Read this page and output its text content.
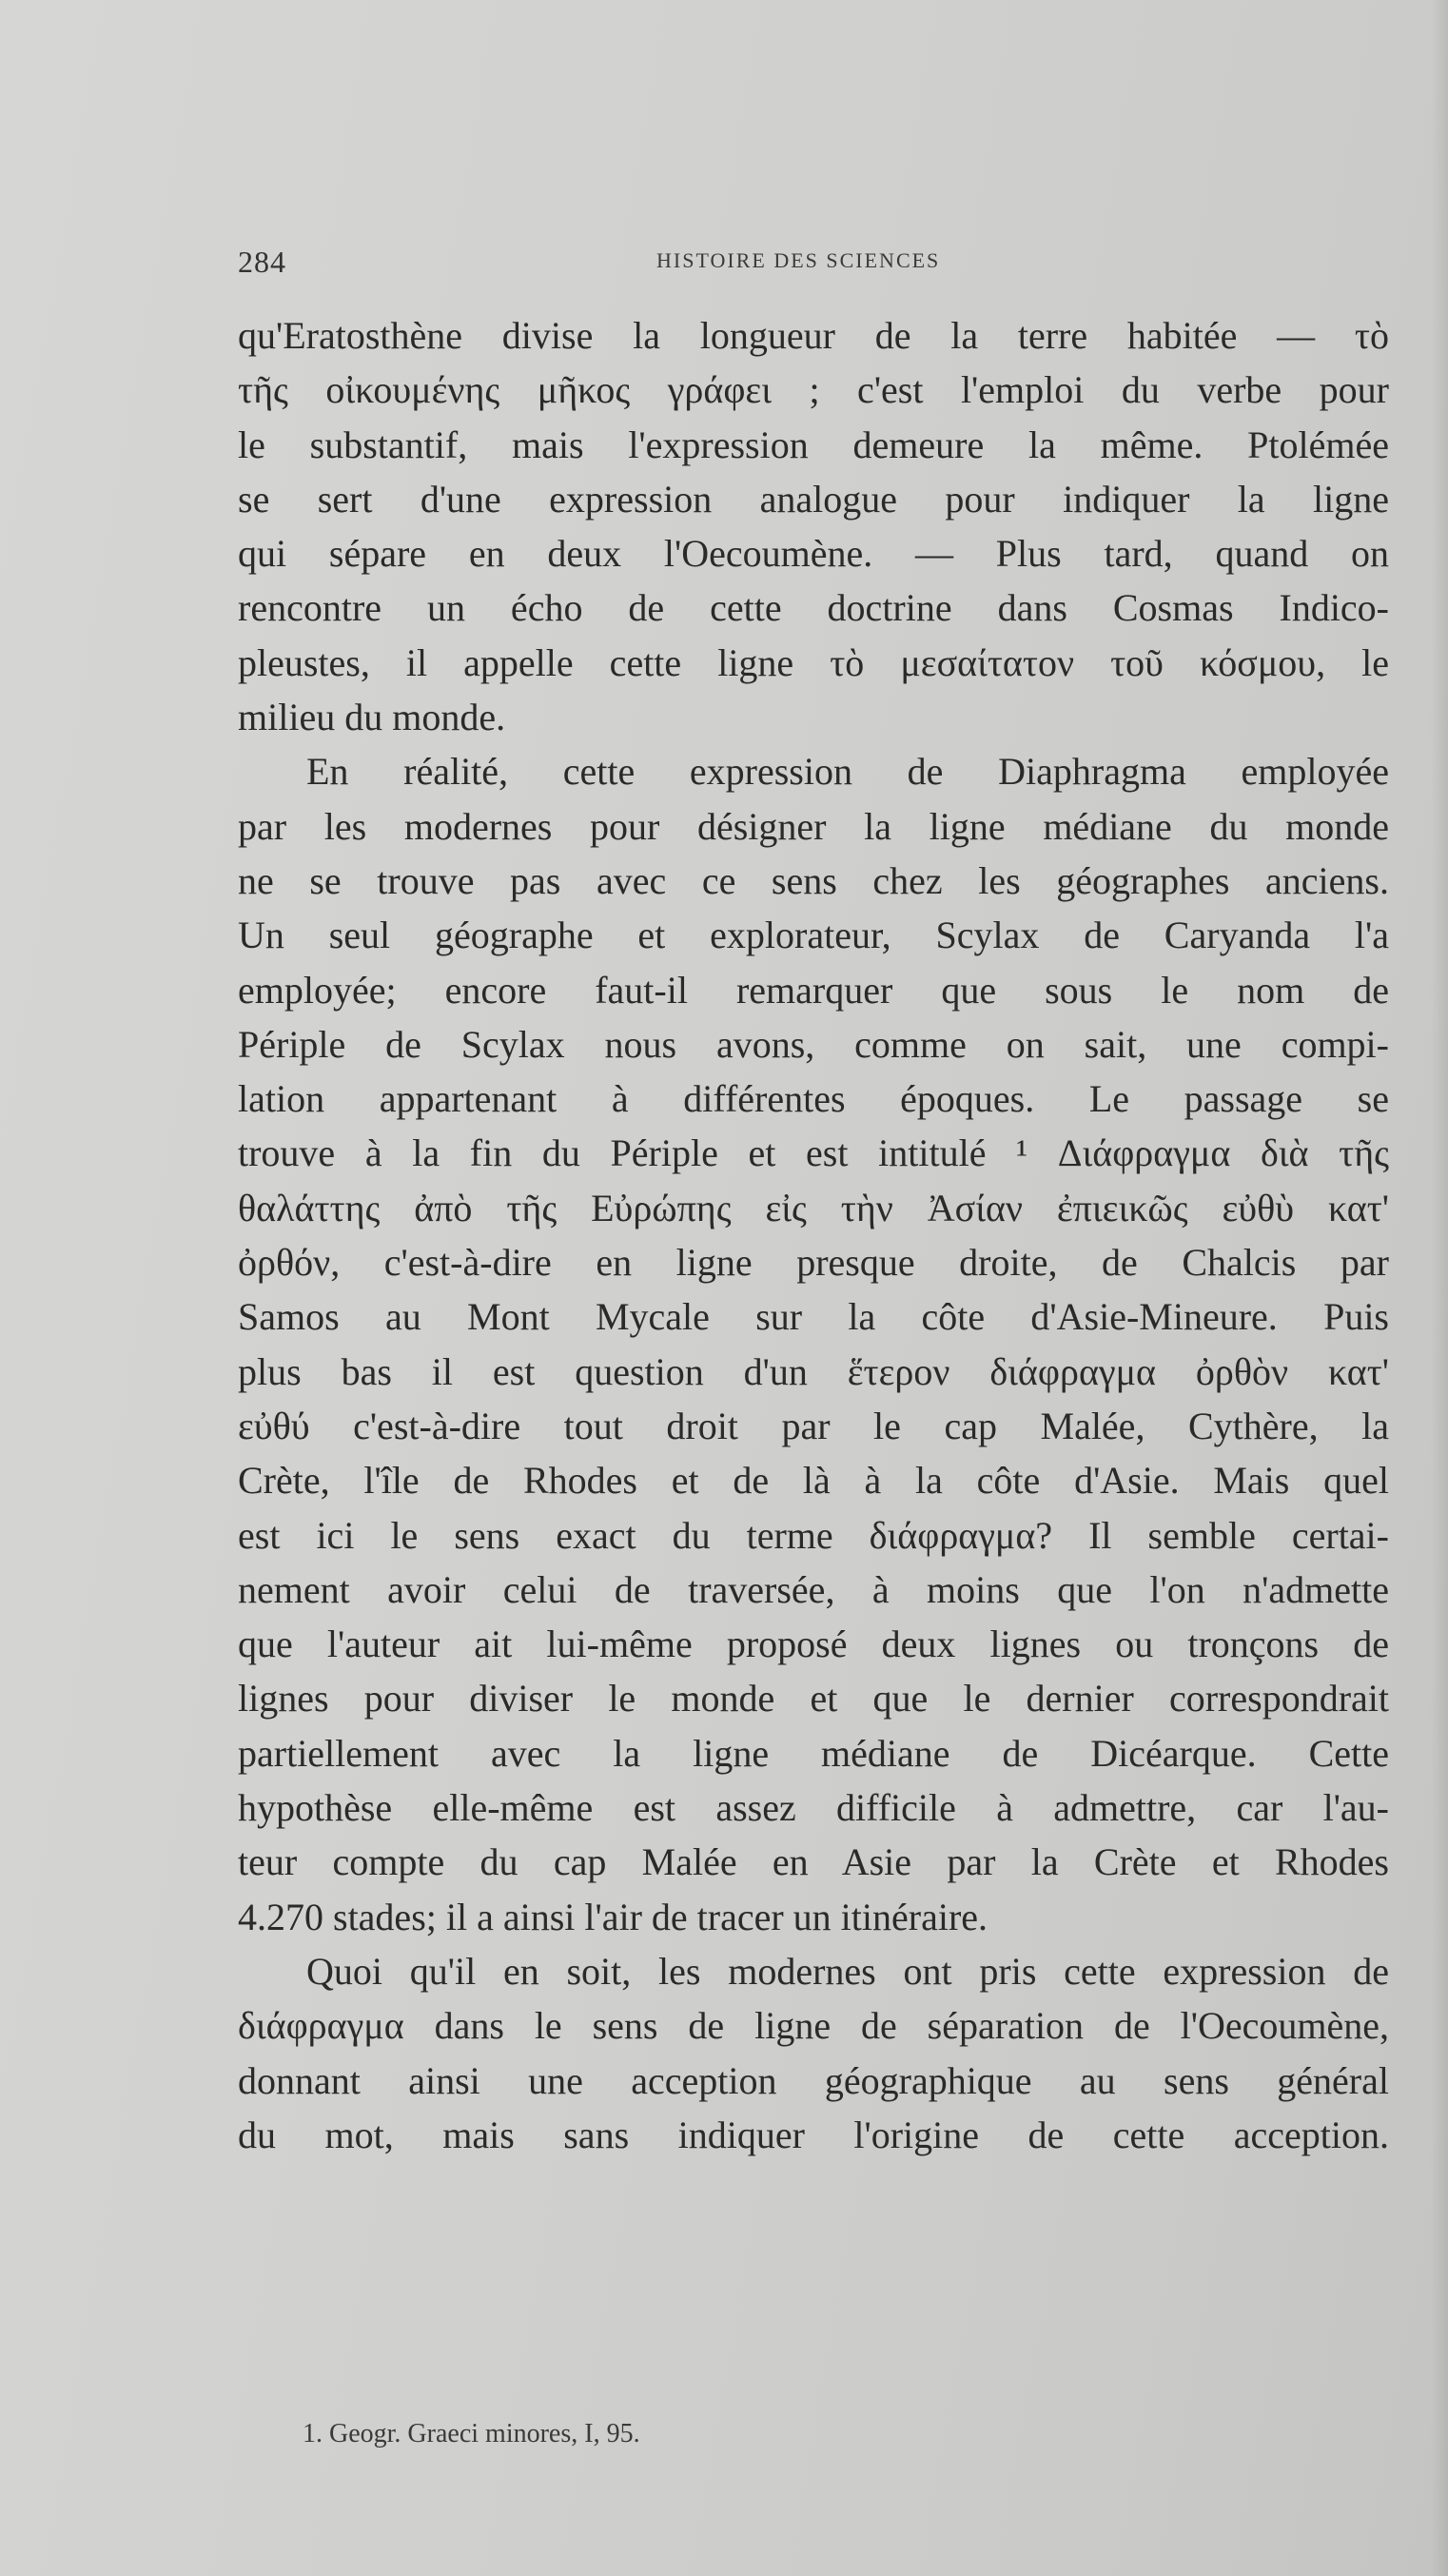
284	HISTOIRE DES SCIENCES
qu'Eratosthène divise la longueur de la terre habitée — τὸ
τῆς οἰκουμένης μῆκος γράφει ; c'est l'emploi du verbe pour
le substantif, mais l'expression demeure la même. Ptolémée
se sert d'une expression analogue pour indiquer la ligne
qui sépare en deux l'Oecoumène. — Plus tard, quand on
rencontre un écho de cette doctrine dans Cosmas Indico-
pleustes, il appelle cette ligne τὸ μεσαίτατον τοῦ κόσμου, le
milieu du monde.
En réalité, cette expression de Diaphragma employée
par les modernes pour désigner la ligne médiane du monde
ne se trouve pas avec ce sens chez les géographes anciens.
Un seul géographe et explorateur, Scylax de Caryanda l'a
employée; encore faut-il remarquer que sous le nom de
Périple de Scylax nous avons, comme on sait, une compi-
lation appartenant à différentes époques. Le passage se
trouve à la fin du Périple et est intitulé ¹ Διάφραγμα διὰ τῆς
θαλάττης ἀπὸ τῆς Εὐρώπης εἰς τὴν Ἀσίαν ἐπιεικῶς εὐθὺ κατ'
ὀρθόν, c'est-à-dire en ligne presque droite, de Chalcis par
Samos au Mont Mycale sur la côte d'Asie-Mineure. Puis
plus bas il est question d'un ἕτερον διάφραγμα ὀρθὸν κατ'
εὐθύ c'est-à-dire tout droit par le cap Malée, Cythère, la
Crète, l'île de Rhodes et de là à la côte d'Asie. Mais quel
est ici le sens exact du terme διάφραγμα? Il semble certai-
nement avoir celui de traversée, à moins que l'on n'admette
que l'auteur ait lui-même proposé deux lignes ou tronçons de
lignes pour diviser le monde et que le dernier correspondrait
partiellement avec la ligne médiane de Dicéarque. Cette
hypothèse elle-même est assez difficile à admettre, car l'au-
teur compte du cap Malée en Asie par la Crète et Rhodes
4.270 stades; il a ainsi l'air de tracer un itinéraire.
Quoi qu'il en soit, les modernes ont pris cette expression de
διάφραγμα dans le sens de ligne de séparation de l'Oecoumène,
donnant ainsi une acception géographique au sens général
du mot, mais sans indiquer l'origine de cette acception.
1. Geogr. Graeci minores, I, 95.
